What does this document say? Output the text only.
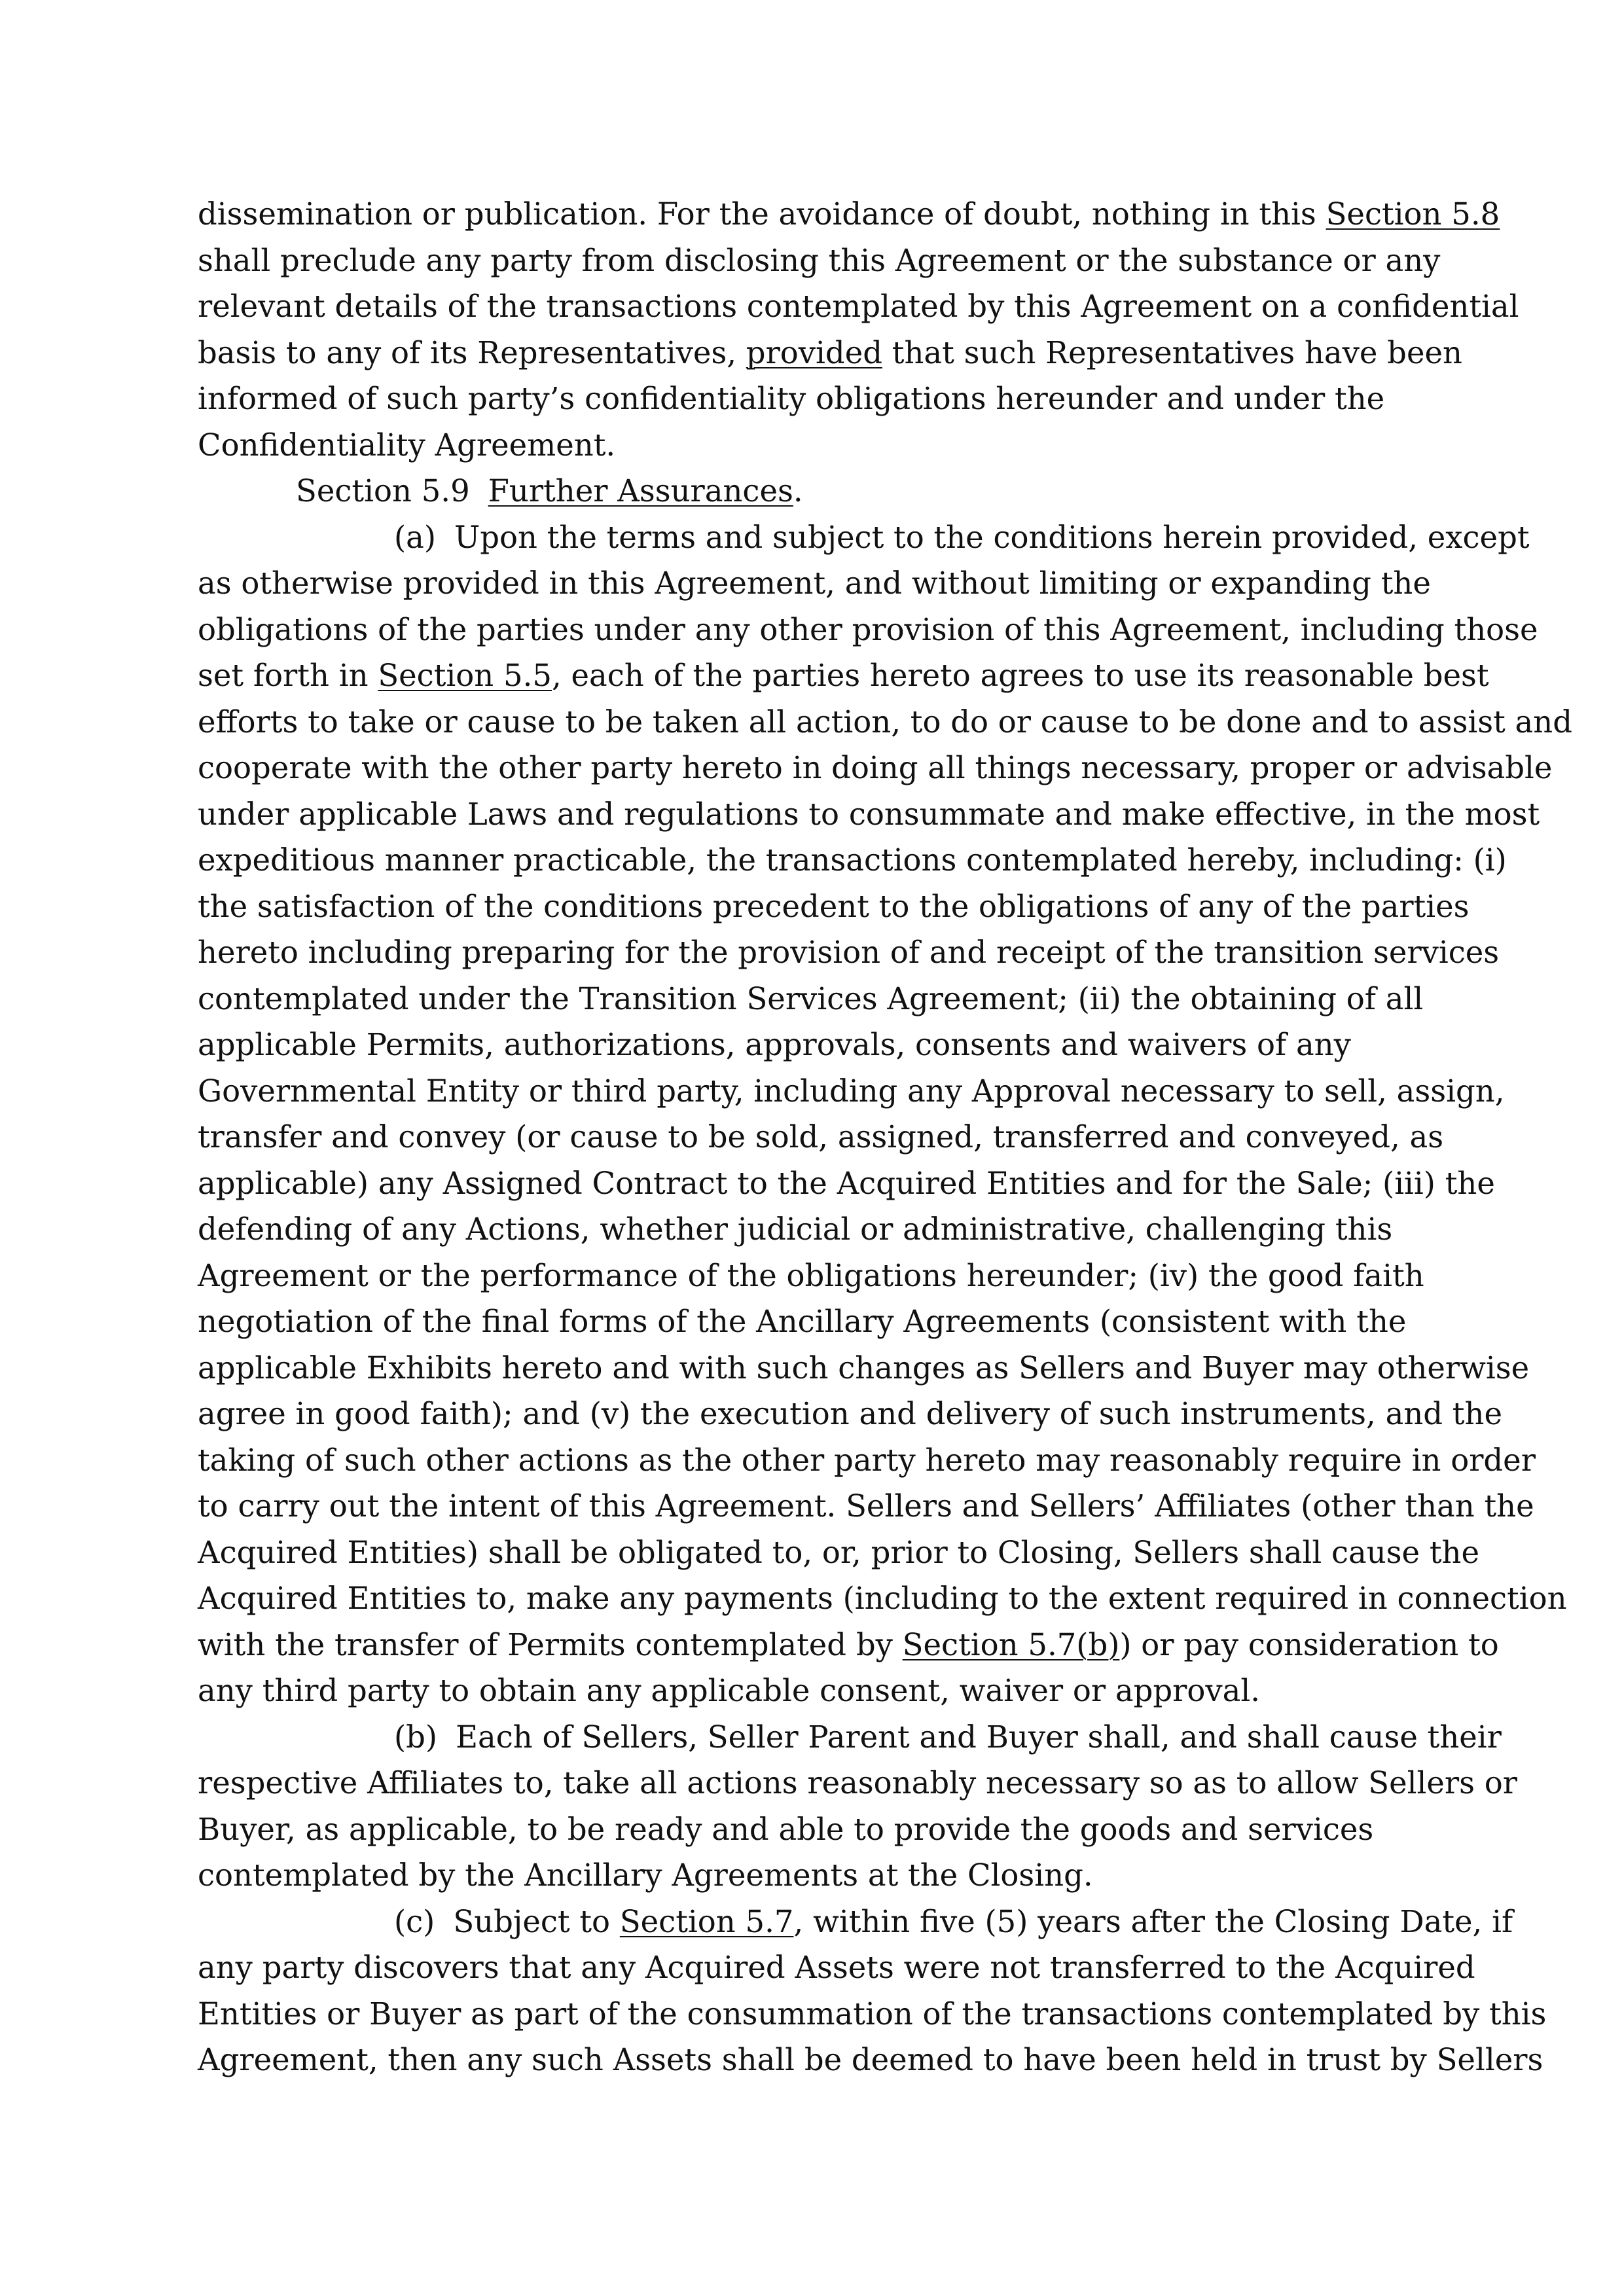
dissemination or publication. For the avoidance of doubt, nothing in this Section 5.8
shall preclude any party from disclosing this Agreement or the substance or any
relevant details of the transactions contemplated by this Agreement on a confidential
basis to any of its Representatives, provided that such Representatives have been
informed of such party’s confidentiality obligations hereunder and under the
Confidentiality Agreement.
Section 5.9 Further Assurances.
(a) Upon the terms and subject to the conditions herein provided, except
as otherwise provided in this Agreement, and without limiting or expanding the
obligations of the parties under any other provision of this Agreement, including those
set forth in Section 5.5, each of the parties hereto agrees to use its reasonable best
efforts to take or cause to be taken all action, to do or cause to be done and to assist and
cooperate with the other party hereto in doing all things necessary, proper or advisable
under applicable Laws and regulations to consummate and make effective, in the most
expeditious manner practicable, the transactions contemplated hereby, including: (i)
the satisfaction of the conditions precedent to the obligations of any of the parties
hereto including preparing for the provision of and receipt of the transition services
contemplated under the Transition Services Agreement; (ii) the obtaining of all
applicable Permits, authorizations, approvals, consents and waivers of any
Governmental Entity or third party, including any Approval necessary to sell, assign,
transfer and convey (or cause to be sold, assigned, transferred and conveyed, as
applicable) any Assigned Contract to the Acquired Entities and for the Sale; (iii) the
defending of any Actions, whether judicial or administrative, challenging this
Agreement or the performance of the obligations hereunder; (iv) the good faith
negotiation of the final forms of the Ancillary Agreements (consistent with the
applicable Exhibits hereto and with such changes as Sellers and Buyer may otherwise
agree in good faith); and (v) the execution and delivery of such instruments, and the
taking of such other actions as the other party hereto may reasonably require in order
to carry out the intent of this Agreement. Sellers and Sellers’ Affiliates (other than the
Acquired Entities) shall be obligated to, or, prior to Closing, Sellers shall cause the
Acquired Entities to, make any payments (including to the extent required in connection
with the transfer of Permits contemplated by Section 5.7(b)) or pay consideration to
any third party to obtain any applicable consent, waiver or approval.
(b) Each of Sellers, Seller Parent and Buyer shall, and shall cause their
respective Affiliates to, take all actions reasonably necessary so as to allow Sellers or
Buyer, as applicable, to be ready and able to provide the goods and services
contemplated by the Ancillary Agreements at the Closing.
(c) Subject to Section 5.7, within five (5) years after the Closing Date, if
any party discovers that any Acquired Assets were not transferred to the Acquired
Entities or Buyer as part of the consummation of the transactions contemplated by this
Agreement, then any such Assets shall be deemed to have been held in trust by Sellers
